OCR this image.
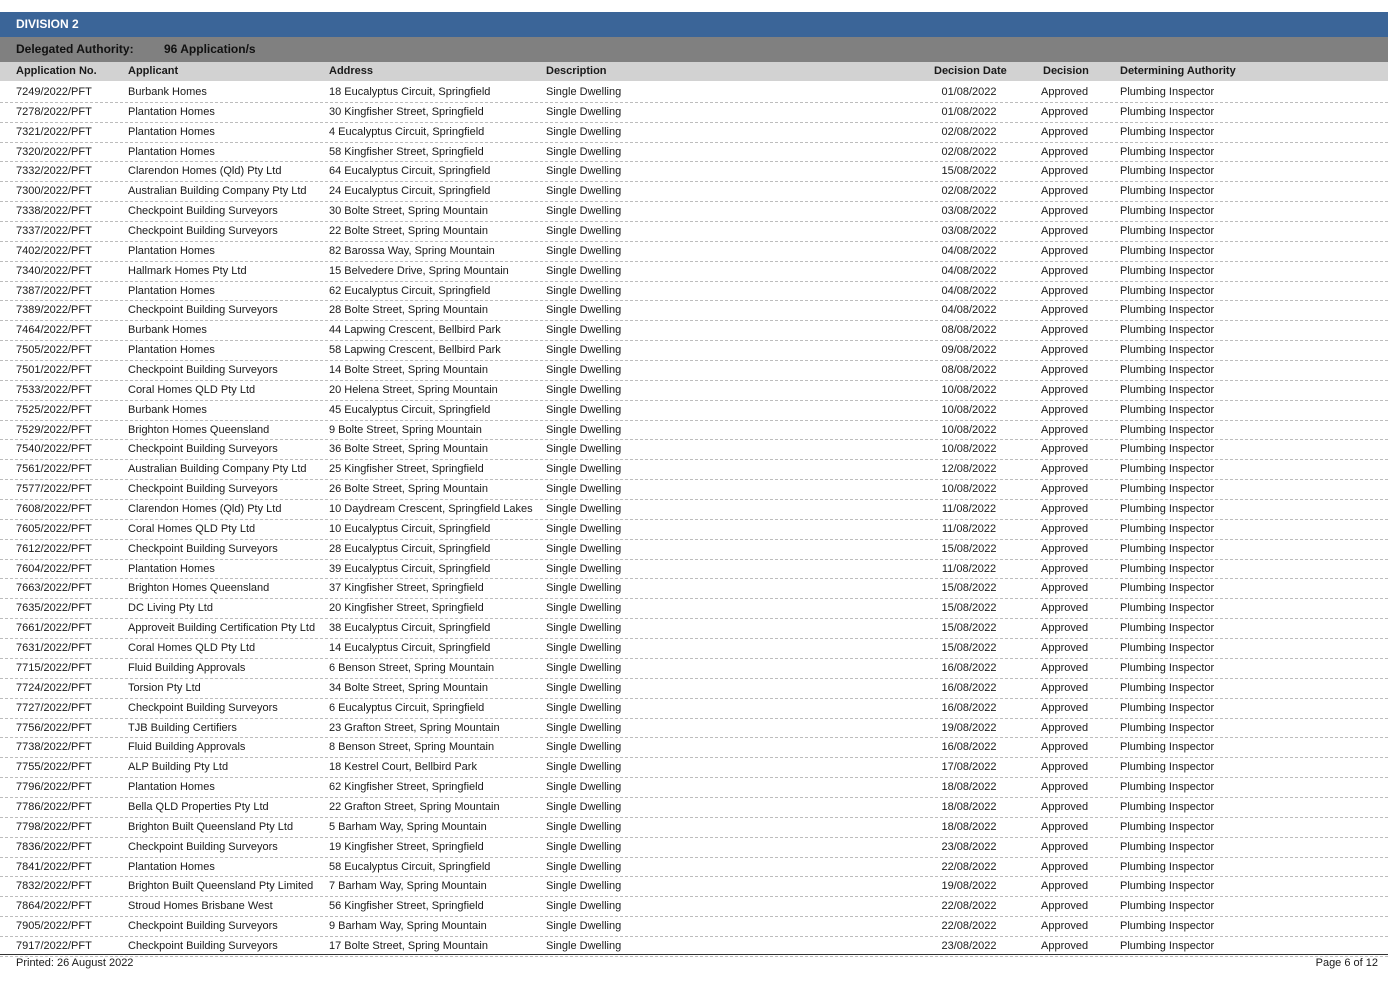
DIVISION 2
Delegated Authority:	96 Application/s
Application No.	Applicant	Address	Description	Decision Date	Decision	Determining Authority
7249/2022/PFT	Burbank Homes	18 Eucalyptus Circuit, Springfield	Single Dwelling	01/08/2022	Approved	Plumbing Inspector
7278/2022/PFT	Plantation Homes	30 Kingfisher Street, Springfield	Single Dwelling	01/08/2022	Approved	Plumbing Inspector
7321/2022/PFT	Plantation Homes	4 Eucalyptus Circuit, Springfield	Single Dwelling	02/08/2022	Approved	Plumbing Inspector
7320/2022/PFT	Plantation Homes	58 Kingfisher Street, Springfield	Single Dwelling	02/08/2022	Approved	Plumbing Inspector
7332/2022/PFT	Clarendon Homes (Qld) Pty Ltd	64 Eucalyptus Circuit, Springfield	Single Dwelling	15/08/2022	Approved	Plumbing Inspector
7300/2022/PFT	Australian Building Company Pty Ltd 24 Eucalyptus Circuit, Springfield	Single Dwelling	02/08/2022	Approved	Plumbing Inspector
7338/2022/PFT	Checkpoint Building Surveyors	30 Bolte Street, Spring Mountain	Single Dwelling	03/08/2022	Approved	Plumbing Inspector
7337/2022/PFT	Checkpoint Building Surveyors	22 Bolte Street, Spring Mountain	Single Dwelling	03/08/2022	Approved	Plumbing Inspector
7402/2022/PFT	Plantation Homes	82 Barossa Way, Spring Mountain	Single Dwelling	04/08/2022	Approved	Plumbing Inspector
7340/2022/PFT	Hallmark Homes Pty Ltd	15 Belvedere Drive, Spring Mountain	Single Dwelling	04/08/2022	Approved	Plumbing Inspector
7387/2022/PFT	Plantation Homes	62 Eucalyptus Circuit, Springfield	Single Dwelling	04/08/2022	Approved	Plumbing Inspector
7389/2022/PFT	Checkpoint Building Surveyors	28 Bolte Street, Spring Mountain	Single Dwelling	04/08/2022	Approved	Plumbing Inspector
7464/2022/PFT	Burbank Homes	44 Lapwing Crescent, Bellbird Park	Single Dwelling	08/08/2022	Approved	Plumbing Inspector
7505/2022/PFT	Plantation Homes	58 Lapwing Crescent, Bellbird Park	Single Dwelling	09/08/2022	Approved	Plumbing Inspector
7501/2022/PFT	Checkpoint Building Surveyors	14 Bolte Street, Spring Mountain	Single Dwelling	08/08/2022	Approved	Plumbing Inspector
7533/2022/PFT	Coral Homes QLD Pty Ltd	20 Helena Street, Spring Mountain	Single Dwelling	10/08/2022	Approved	Plumbing Inspector
7525/2022/PFT	Burbank Homes	45 Eucalyptus Circuit, Springfield	Single Dwelling	10/08/2022	Approved	Plumbing Inspector
7529/2022/PFT	Brighton Homes Queensland	9 Bolte Street, Spring Mountain	Single Dwelling	10/08/2022	Approved	Plumbing Inspector
7540/2022/PFT	Checkpoint Building Surveyors	36 Bolte Street, Spring Mountain	Single Dwelling	10/08/2022	Approved	Plumbing Inspector
7561/2022/PFT	Australian Building Company Pty Ltd 25 Kingfisher Street, Springfield	Single Dwelling	12/08/2022	Approved	Plumbing Inspector
7577/2022/PFT	Checkpoint Building Surveyors	26 Bolte Street, Spring Mountain	Single Dwelling	10/08/2022	Approved	Plumbing Inspector
7608/2022/PFT	Clarendon Homes (Qld) Pty Ltd	10 Daydream Crescent, Springfield Lakes Single Dwelling	11/08/2022	Approved	Plumbing Inspector
7605/2022/PFT	Coral Homes QLD Pty Ltd	10 Eucalyptus Circuit, Springfield	Single Dwelling	11/08/2022	Approved	Plumbing Inspector
7612/2022/PFT	Checkpoint Building Surveyors	28 Eucalyptus Circuit, Springfield	Single Dwelling	15/08/2022	Approved	Plumbing Inspector
7604/2022/PFT	Plantation Homes	39 Eucalyptus Circuit, Springfield	Single Dwelling	11/08/2022	Approved	Plumbing Inspector
7663/2022/PFT	Brighton Homes Queensland	37 Kingfisher Street, Springfield	Single Dwelling	15/08/2022	Approved	Plumbing Inspector
7635/2022/PFT	DC Living Pty Ltd	20 Kingfisher Street, Springfield	Single Dwelling	15/08/2022	Approved	Plumbing Inspector
7661/2022/PFT	Approveit Building Certification Pty Ltd 38 Eucalyptus Circuit, Springfield	Single Dwelling	15/08/2022	Approved	Plumbing Inspector
7631/2022/PFT	Coral Homes QLD Pty Ltd	14 Eucalyptus Circuit, Springfield	Single Dwelling	15/08/2022	Approved	Plumbing Inspector
7715/2022/PFT	Fluid Building Approvals	6 Benson Street, Spring Mountain	Single Dwelling	16/08/2022	Approved	Plumbing Inspector
7724/2022/PFT	Torsion Pty Ltd	34 Bolte Street, Spring Mountain	Single Dwelling	16/08/2022	Approved	Plumbing Inspector
7727/2022/PFT	Checkpoint Building Surveyors	6 Eucalyptus Circuit, Springfield	Single Dwelling	16/08/2022	Approved	Plumbing Inspector
7756/2022/PFT	TJB Building Certifiers	23 Grafton Street, Spring Mountain	Single Dwelling	19/08/2022	Approved	Plumbing Inspector
7738/2022/PFT	Fluid Building Approvals	8 Benson Street, Spring Mountain	Single Dwelling	16/08/2022	Approved	Plumbing Inspector
7755/2022/PFT	ALP Building Pty Ltd	18 Kestrel Court, Bellbird Park	Single Dwelling	17/08/2022	Approved	Plumbing Inspector
7796/2022/PFT	Plantation Homes	62 Kingfisher Street, Springfield	Single Dwelling	18/08/2022	Approved	Plumbing Inspector
7786/2022/PFT	Bella QLD Properties Pty Ltd	22 Grafton Street, Spring Mountain	Single Dwelling	18/08/2022	Approved	Plumbing Inspector
7798/2022/PFT	Brighton Built Queensland Pty Ltd	5 Barham Way, Spring Mountain	Single Dwelling	18/08/2022	Approved	Plumbing Inspector
7836/2022/PFT	Checkpoint Building Surveyors	19 Kingfisher Street, Springfield	Single Dwelling	23/08/2022	Approved	Plumbing Inspector
7841/2022/PFT	Plantation Homes	58 Eucalyptus Circuit, Springfield	Single Dwelling	22/08/2022	Approved	Plumbing Inspector
7832/2022/PFT	Brighton Built Queensland Pty Limited 7 Barham Way, Spring Mountain	Single Dwelling	19/08/2022	Approved	Plumbing Inspector
7864/2022/PFT	Stroud Homes Brisbane West	56 Kingfisher Street, Springfield	Single Dwelling	22/08/2022	Approved	Plumbing Inspector
7905/2022/PFT	Checkpoint Building Surveyors	9 Barham Way, Spring Mountain	Single Dwelling	22/08/2022	Approved	Plumbing Inspector
7917/2022/PFT	Checkpoint Building Surveyors	17 Bolte Street, Spring Mountain	Single Dwelling	23/08/2022	Approved	Plumbing Inspector
Printed: 26 August 2022	Page 6 of 12
